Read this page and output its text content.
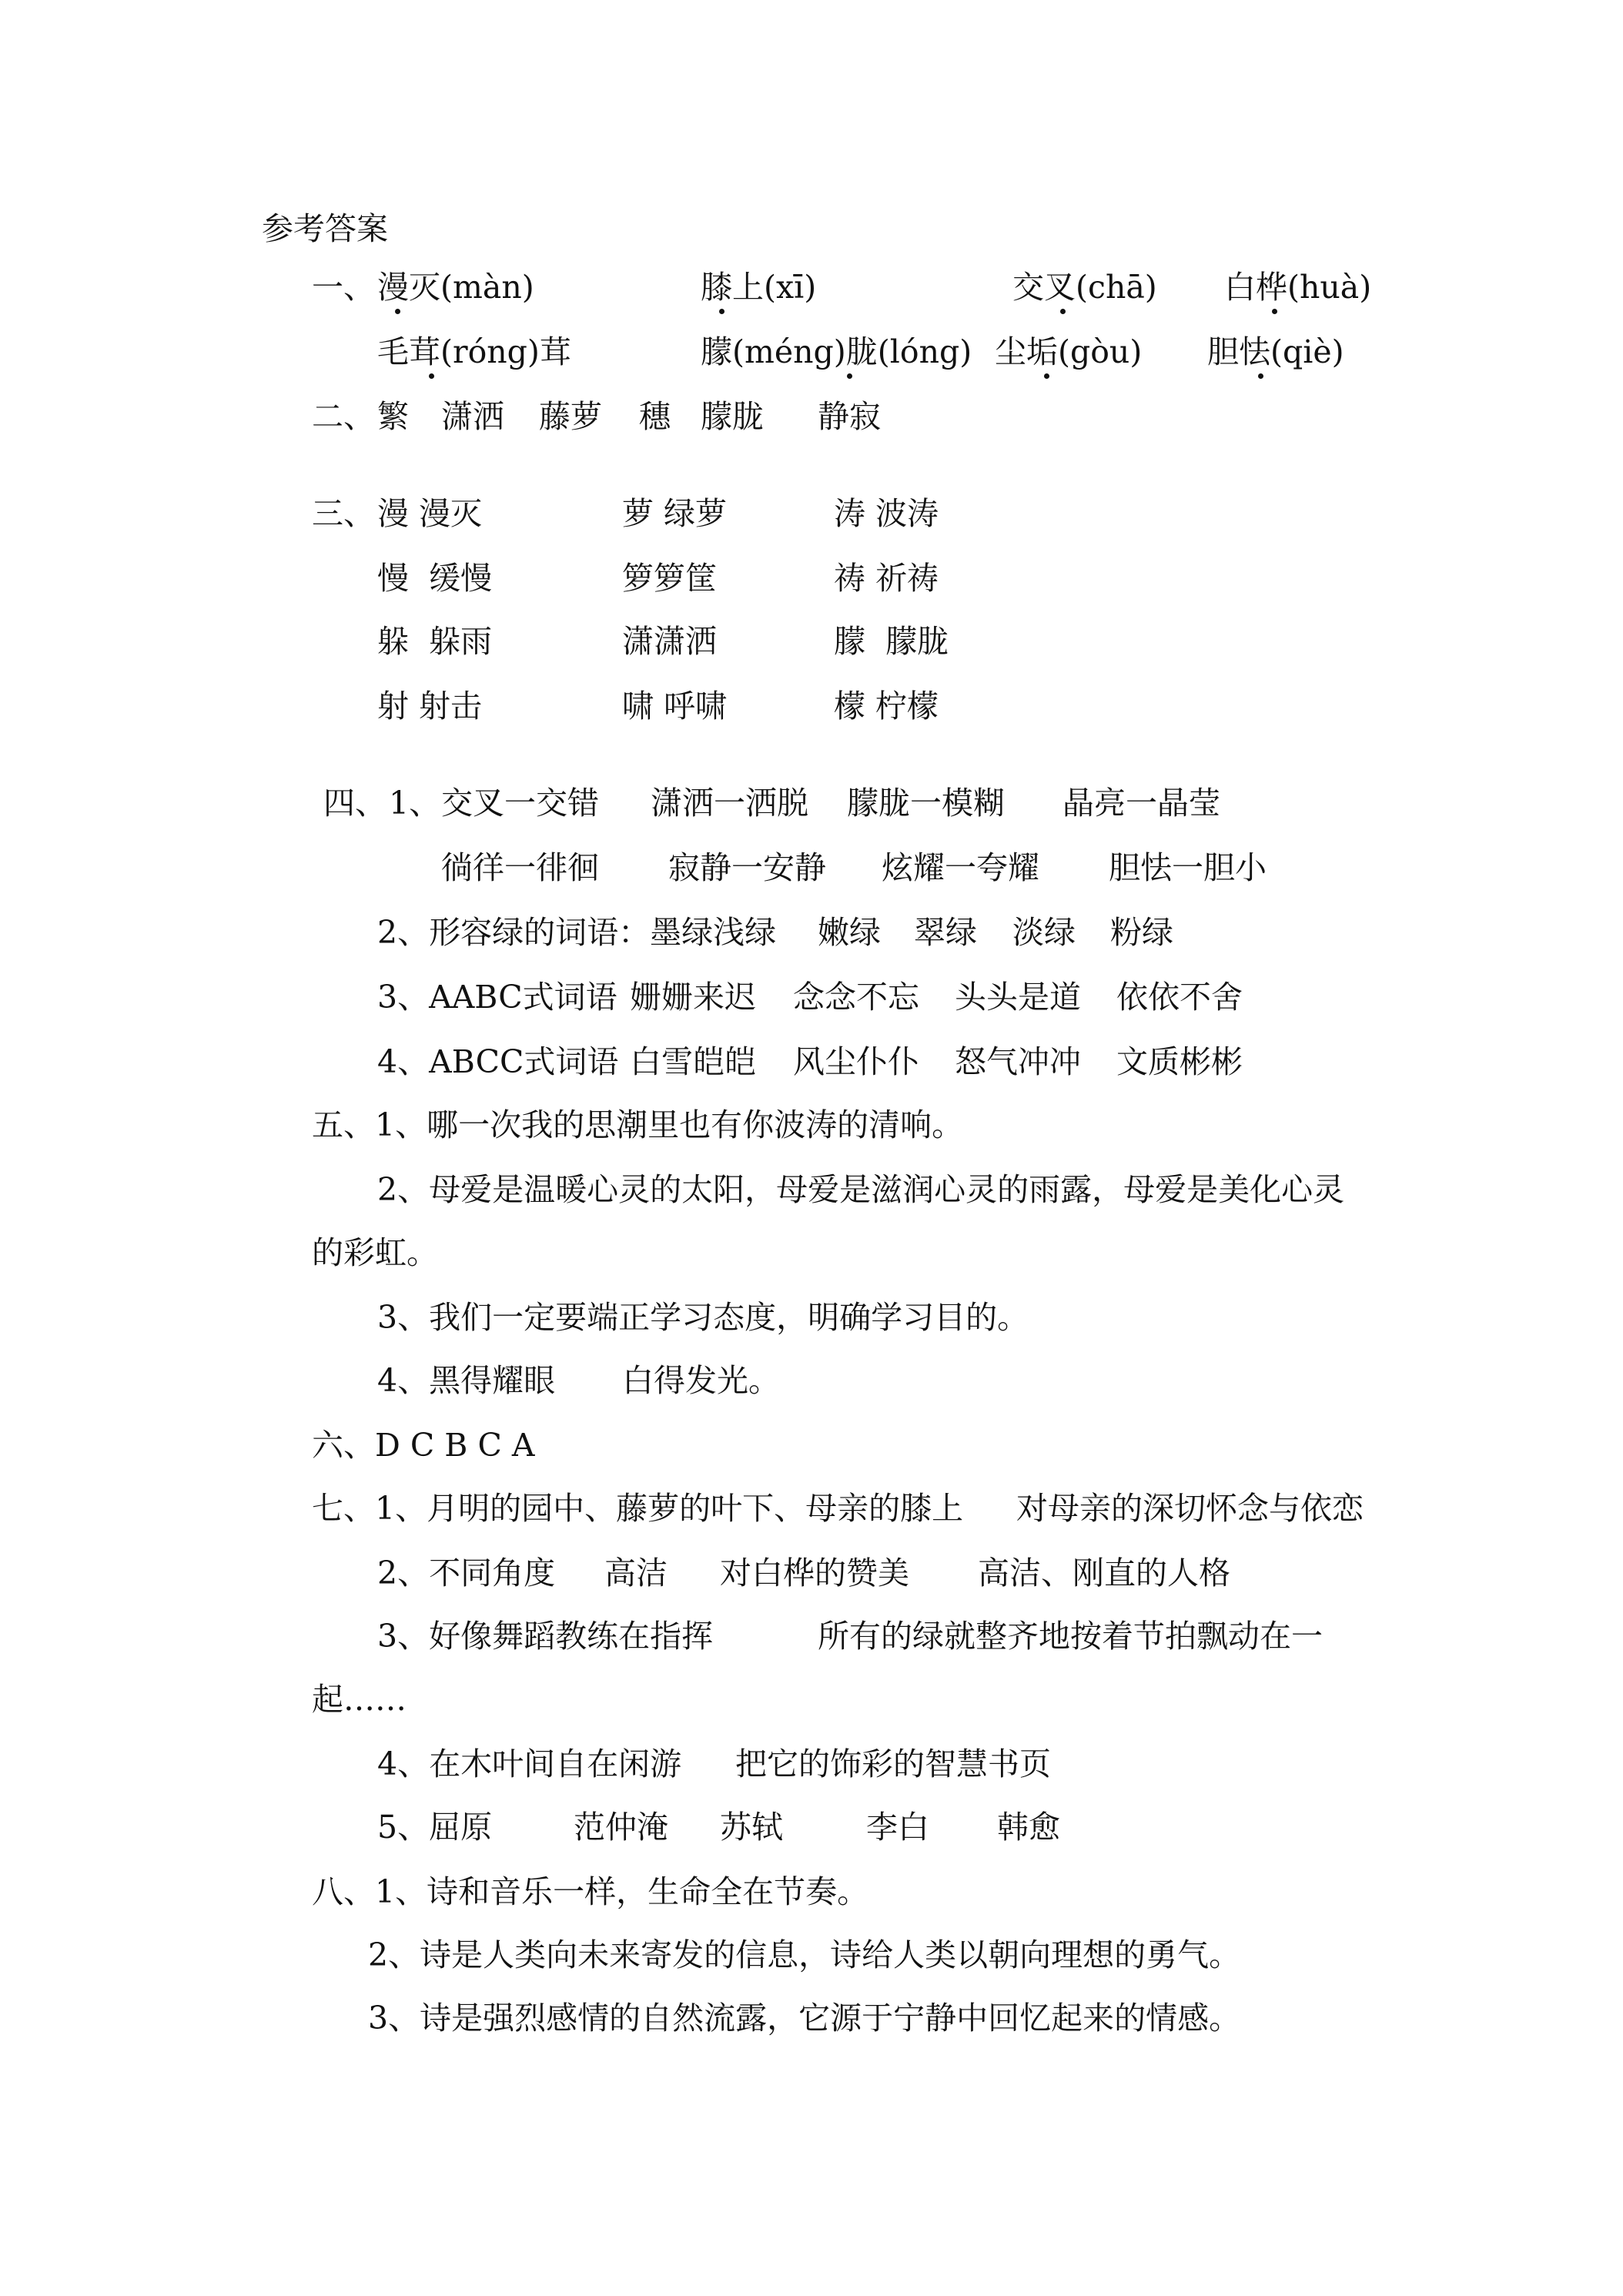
参考答案
一、 漫灭(màn)	膝上(xī)	交叉(chā) 白桦(huà)
毛茸(róng)茸	朦(méng)胧(lóng) 尘垢(gòu) 胆怯(qiè)
二、 繁 潇洒 藤萝 穗 朦胧 静寂
三、 漫 漫灭	萝 绿萝	涛 波涛
慢  缓慢	箩箩筐	祷 祈祷
躲  躲雨	潇潇洒	朦  朦胧
射 射击	啸 呼啸	檬 柠檬
四、 1、 交叉一交错 潇洒一洒脱 朦胧一模糊 晶亮一晶莹
徜徉一徘徊 寂静一安静 炫耀一夸耀 胆怯一胆小
2、形容绿的词语：墨绿浅绿 嫩绿 翠绿 淡绿 粉绿
3、AABC式词语 姗姗来迟 念念不忘 头头是道 依依不舍
4、ABCC式词语 白雪皑皑 风尘仆仆 怒气冲冲 文质彬彬
五、1、哪一次我的思潮里也有你波涛的清响。
2、母爱是温暖心灵的太阳，母爱是滋润心灵的雨露，母爱是美化心灵
的彩虹。
3、我们一定要端正学习态度，明确学习目的。
4、黑得耀眼 白得发光。
六、D C B C A
七、1、月明的园中、藤萝的叶下、母亲的膝上 对母亲的深切怀念与依恋
2、不同角度 高洁 对白桦的赞美 高洁、刚直的人格
3、好像舞蹈教练在指挥	所有的绿就整齐地按着节拍飘动在一
起……
4、在木叶间自在闲游 把它的饰彩的智慧书页
5、屈原	范仲淹 苏轼	李白 韩愈
八、1、诗和音乐一样，生命全在节奏。
2、诗是人类向未来寄发的信息，诗给人类以朝向理想的勇气。
3、诗是强烈感情的自然流露，它源于宁静中回忆起来的情感。
